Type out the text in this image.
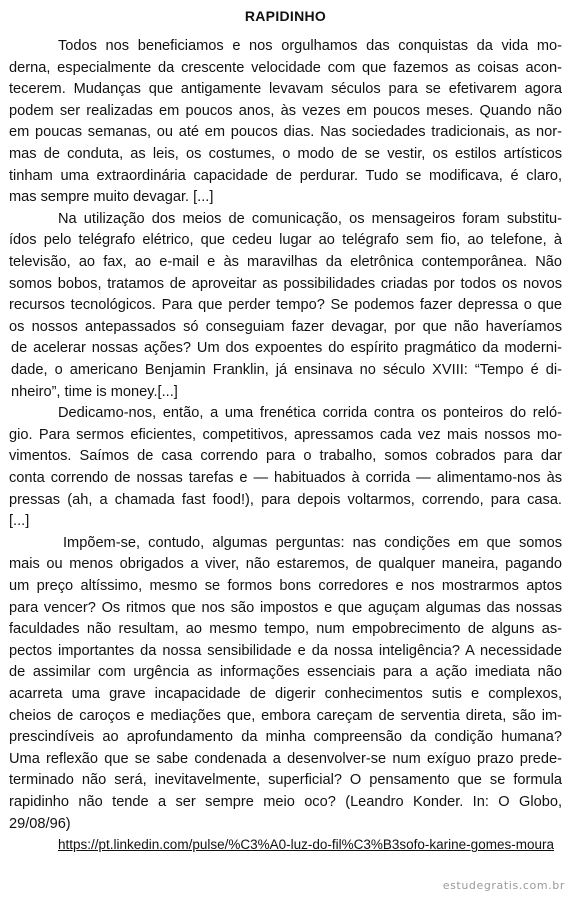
RAPIDINHO
Todos nos beneficiamos e nos orgulhamos das conquistas da vida mo-
derna, especialmente da crescente velocidade com que fazemos as coisas acon-
tecerem. Mudanças que antigamente levavam séculos para se efetivarem agora
podem ser realizadas em poucos anos, às vezes em poucos meses. Quando não
em poucas semanas, ou até em poucos dias. Nas sociedades tradicionais, as nor-
mas de conduta, as leis, os costumes, o modo de se vestir, os estilos artísticos
tinham uma extraordinária capacidade de perdurar. Tudo se modificava, é claro,
mas sempre muito devagar. [...]
Na utilização dos meios de comunicação, os mensageiros foram substitu-
ídos pelo telégrafo elétrico, que cedeu lugar ao telégrafo sem fio, ao telefone, à
televisão, ao fax, ao e-mail e às maravilhas da eletrônica contemporânea. Não
somos bobos, tratamos de aproveitar as possibilidades criadas por todos os novos
recursos tecnológicos. Para que perder tempo? Se podemos fazer depressa o que
os nossos antepassados só conseguiam fazer devagar, por que não haveríamos
de acelerar nossas ações? Um dos expoentes do espírito pragmático da moderni-
dade, o americano Benjamin Franklin, já ensinava no século XVIII: “Tempo é di-
nheiro”, time is money.[...]
Dedicamo-nos, então, a uma frenética corrida contra os ponteiros do reló-
gio. Para sermos eficientes, competitivos, apressamos cada vez mais nossos mo-
vimentos. Saímos de casa correndo para o trabalho, somos cobrados para dar
conta correndo de nossas tarefas e — habituados à corrida — alimentamo-nos às
pressas (ah, a chamada fast food!), para depois voltarmos, correndo, para casa.
[...]
Impõem-se, contudo, algumas perguntas: nas condições em que somos
mais ou menos obrigados a viver, não estaremos, de qualquer maneira, pagando
um preço altíssimo, mesmo se formos bons corredores e nos mostrarmos aptos
para vencer? Os ritmos que nos são impostos e que aguçam algumas das nossas
faculdades não resultam, ao mesmo tempo, num empobrecimento de alguns as-
pectos importantes da nossa sensibilidade e da nossa inteligência? A necessidade
de assimilar com urgência as informações essenciais para a ação imediata não
acarreta uma grave incapacidade de digerir conhecimentos sutis e complexos,
cheios de caroços e mediações que, embora careçam de serventia direta, são im-
prescindíveis ao aprofundamento da minha compreensão da condição humana?
Uma reflexão que se sabe condenada a desenvolver-se num exíguo prazo prede-
terminado não será, inevitavelmente, superficial? O pensamento que se formula
rapidinho não tende a ser sempre meio oco? (Leandro Konder. In: O Globo,
29/08/96)
https://pt.linkedin.com/pulse/%C3%A0-luz-do-fil%C3%B3sofo-karine-gomes-moura
estudegratis.com.br
